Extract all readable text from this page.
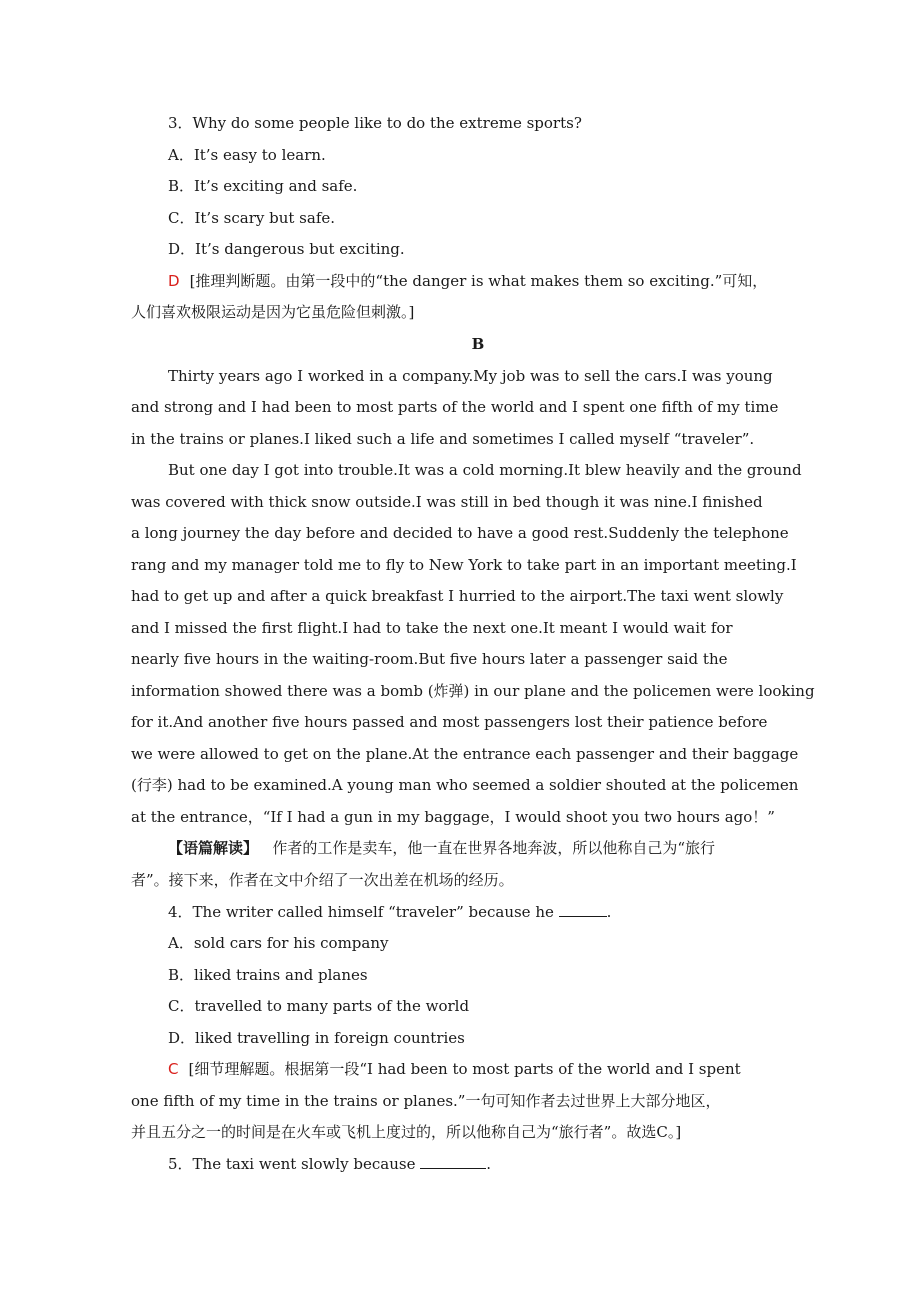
3．Why do some people like to do the extreme sports?
A．It’s easy to learn.
B．It’s exciting and safe.
C．It’s scary but safe.
D．It’s dangerous but exciting.
D [推理判断题。由第一段中的“the danger is what makes them so exciting.”可知，
人们喜欢极限运动是因为它虽危险但刺激。]
B
Thirty years ago I worked in a company.My job was to sell the cars.I was young
and strong and I had been to most parts of the world and I spent one fifth of my time
in the trains or planes.I liked such a life and sometimes I called myself “traveler”.
But one day I got into trouble.It was a cold morning.It blew heavily and the ground
was covered with thick snow outside.I was still in bed though it was nine.I finished
a long journey the day before and decided to have a good rest.Suddenly the telephone
rang and my manager told me to fly to New York to take part in an important meeting.I
had to get up and after a quick breakfast I hurried to the airport.The taxi went slowly
and I missed the first flight.I had to take the next one.It meant I would wait for
nearly five hours in the waiting-room.But five hours later a passenger said the
information showed there was a bomb (炸弹) in our plane and the policemen were looking
for it.And another five hours passed and most passengers lost their patience before
we were allowed to get on the plane.At the entrance each passenger and their baggage
(行李) had to be examined.A young man who seemed a soldier shouted at the policemen
at the entrance，“If I had a gun in my baggage，I would shoot you two hours ago！”
【语篇解读】 作者的工作是卖车，他一直在世界各地奔波，所以他称自己为“旅行
者”。接下来，作者在文中介绍了一次出差在机场的经历。
4．The writer called himself “traveler” because he	.
A．sold cars for his company
B．liked trains and planes
C．travelled to many parts of the world
D．liked travelling in foreign countries
C [细节理解题。根据第一段“I had been to most parts of the world and I spent
one fifth of my time in the trains or planes.”一句可知作者去过世界上大部分地区，
并且五分之一的时间是在火车或飞机上度过的，所以他称自己为“旅行者”。故选C。]
5．The taxi went slowly because	.
